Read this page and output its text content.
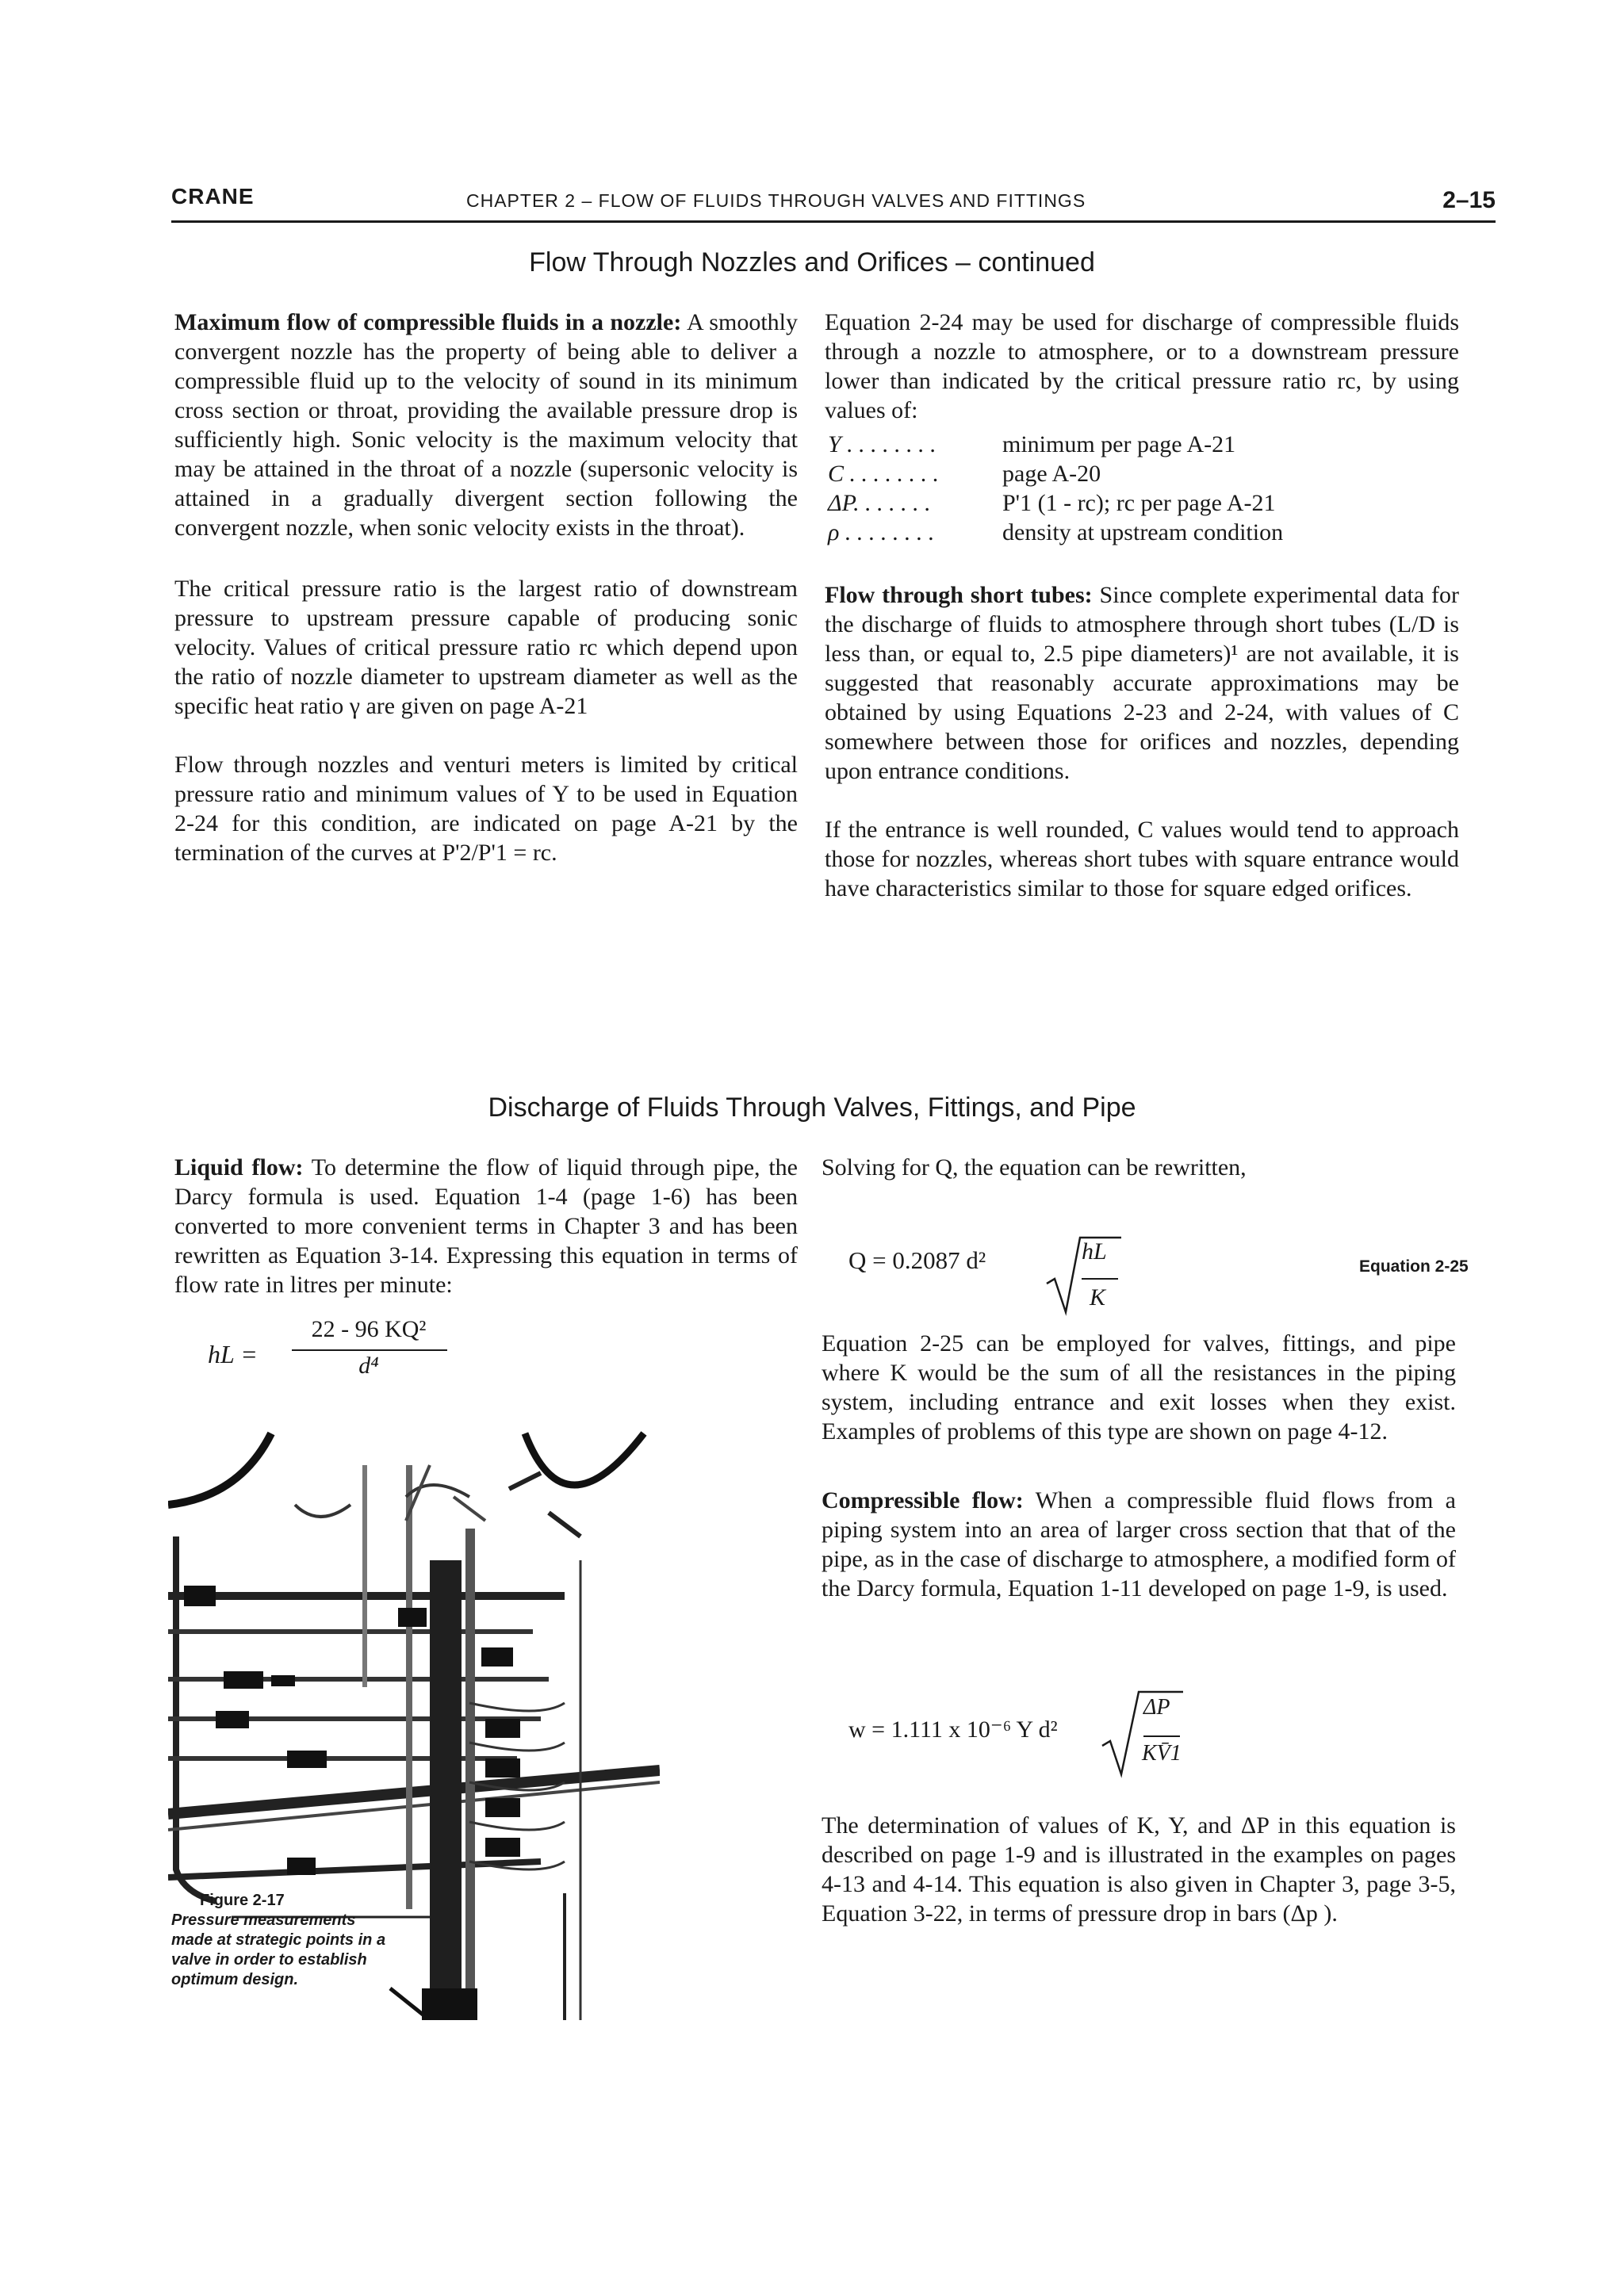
CRANE	CHAPTER 2 – FLOW OF FLUIDS THROUGH VALVES AND FITTINGS	2–15
Flow Through Nozzles and Orifices – continued

Maximum flow of compressible fluids in a nozzle: A smoothly convergent nozzle has the property of being able to deliver a compressible fluid up to the velocity of sound in its minimum cross section or throat, providing the available pressure drop is sufficiently high. Sonic velocity is the maximum velocity that may be attained in the throat of a nozzle (supersonic velocity is attained in a gradually divergent section following the convergent nozzle, when sonic velocity exists in the throat).

The critical pressure ratio is the largest ratio of downstream pressure to upstream pressure capable of producing sonic velocity. Values of critical pressure ratio rc which depend upon the ratio of nozzle diameter to upstream diameter as well as the specific heat ratio γ are given on page A-21

Flow through nozzles and venturi meters is limited by critical pressure ratio and minimum values of Y to be used in Equation 2-24 for this condition, are indicated on page A-21 by the termination of the curves at P'2/P'1 = rc.

Equation 2-24 may be used for discharge of compressible fluids through a nozzle to atmosphere, or to a downstream pressure lower than indicated by the critical pressure ratio rc, by using values of:

Y . . . . . . . .	minimum per page A-21
C . . . . . . . .	page A-20
ΔP. . . . . . .	P'1 (1 - rc); rc per page A-21
ρ . . . . . . . .	density at upstream condition

Flow through short tubes: Since complete experimental data for the discharge of fluids to atmosphere through short tubes (L/D is less than, or equal to, 2.5 pipe diameters)¹ are not available, it is suggested that reasonably accurate approximations may be obtained by using Equations 2-23 and 2-24, with values of C somewhere between those for orifices and nozzles, depending upon entrance conditions.

If the entrance is well rounded, C values would tend to approach those for nozzles, whereas short tubes with square entrance would have characteristics similar to those for square edged orifices.

Discharge of Fluids Through Valves, Fittings, and Pipe

Liquid flow: To determine the flow of liquid through pipe, the Darcy formula is used. Equation 1-4 (page 1-6) has been converted to more convenient terms in Chapter 3 and has been rewritten as Equation 3-14. Expressing this equation in terms of flow rate in litres per minute:

hL =
22 - 96 KQ²
d⁴
Figure 2-17
Pressure measurements made at strategic points in a valve in order to establish optimum design.

Solving for Q, the equation can be rewritten,

Q = 0.2087 d²	hL
K
Equation 2-25

Equation 2-25 can be employed for valves, fittings, and pipe where K would be the sum of all the resistances in the piping system, including entrance and exit losses when they exist. Examples of problems of this type are shown on page 4-12.

Compressible flow: When a compressible fluid flows from a piping system into an area of larger cross section that that of the pipe, as in the case of discharge to atmosphere, a modified form of the Darcy formula, Equation 1-11 developed on page 1-9, is used.

w = 1.111 x 10⁻⁶ Y d²
ΔP
KV̄1

The determination of values of K, Y, and ΔP in this equation is described on page 1-9 and is illustrated in the examples on pages 4-13 and 4-14. This equation is also given in Chapter 3, page 3-5, Equation 3-22, in terms of pressure drop in bars (Δp ).
